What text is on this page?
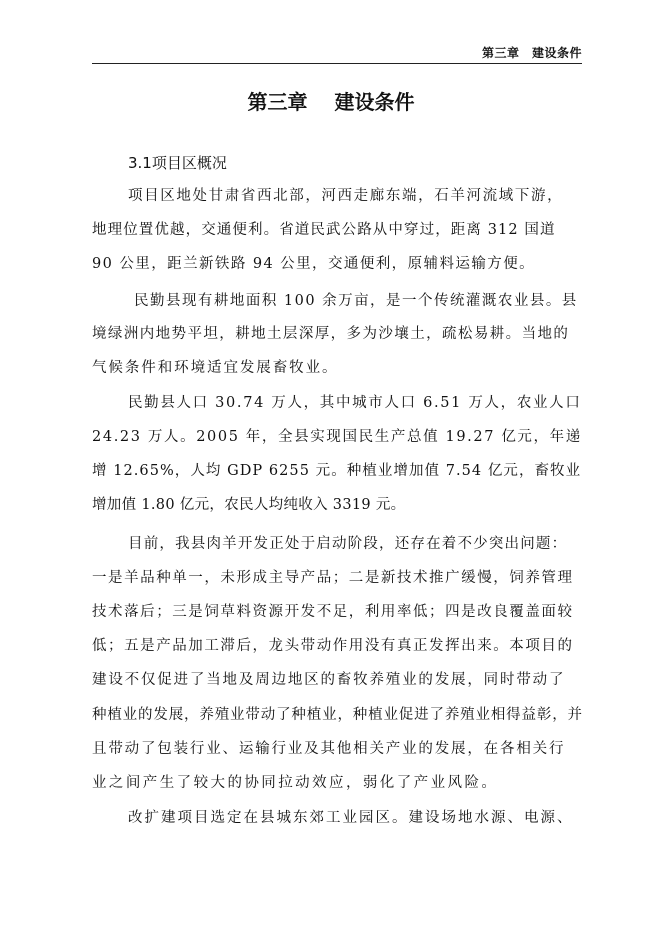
第三章　建设条件
第三章　 建设条件
3.1项目区概况
项目区地处甘肃省西北部，河西走廊东端，石羊河流域下游，
地理位置优越，交通便利。省道民武公路从中穿过，距离 312 国道
90 公里，距兰新铁路 94 公里，交通便利，原辅料运输方便。
民勤县现有耕地面积 100 余万亩，是一个传统灌溉农业县。县
境绿洲内地势平坦，耕地土层深厚，多为沙壤土，疏松易耕。当地的
气候条件和环境适宜发展畜牧业。
民勤县人口 30.74 万人，其中城市人口 6.51 万人，农业人口
24.23 万人。2005 年，全县实现国民生产总值 19.27 亿元，年递
增 12.65%，人均 GDP 6255 元。种植业增加值 7.54 亿元，畜牧业
增加值 1.80 亿元，农民人均纯收入 3319 元。
目前，我县肉羊开发正处于启动阶段，还存在着不少突出问题：
一是羊品种单一，未形成主导产品；二是新技术推广缓慢，饲养管理
技术落后；三是饲草料资源开发不足，利用率低；四是改良覆盖面较
低；五是产品加工滞后，龙头带动作用没有真正发挥出来。本项目的
建设不仅促进了当地及周边地区的畜牧养殖业的发展，同时带动了
种植业的发展，养殖业带动了种植业，种植业促进了养殖业相得益彰，并
且带动了包装行业、运输行业及其他相关产业的发展，在各相关行
业之间产生了较大的协同拉动效应，弱化了产业风险。
改扩建项目选定在县城东郊工业园区。建设场地水源、电源、
